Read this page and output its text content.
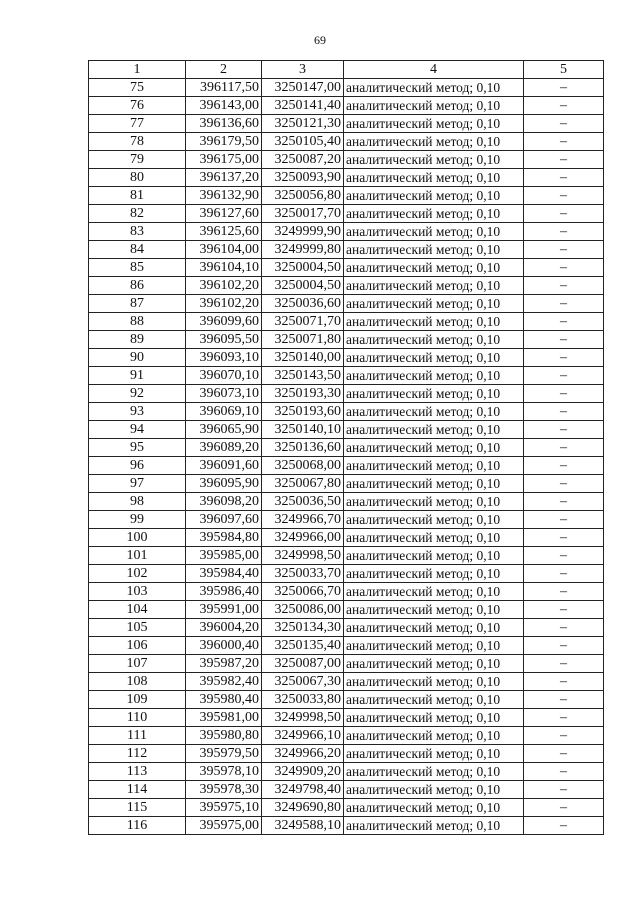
69
1	2	3	4	5
75	396117,50	3250147,00	аналитический метод; 0,10	–
76	396143,00	3250141,40	аналитический метод; 0,10	–
77	396136,60	3250121,30	аналитический метод; 0,10	–
78	396179,50	3250105,40	аналитический метод; 0,10	–
79	396175,00	3250087,20	аналитический метод; 0,10	–
80	396137,20	3250093,90	аналитический метод; 0,10	–
81	396132,90	3250056,80	аналитический метод; 0,10	–
82	396127,60	3250017,70	аналитический метод; 0,10	–
83	396125,60	3249999,90	аналитический метод; 0,10	–
84	396104,00	3249999,80	аналитический метод; 0,10	–
85	396104,10	3250004,50	аналитический метод; 0,10	–
86	396102,20	3250004,50	аналитический метод; 0,10	–
87	396102,20	3250036,60	аналитический метод; 0,10	–
88	396099,60	3250071,70	аналитический метод; 0,10	–
89	396095,50	3250071,80	аналитический метод; 0,10	–
90	396093,10	3250140,00	аналитический метод; 0,10	–
91	396070,10	3250143,50	аналитический метод; 0,10	–
92	396073,10	3250193,30	аналитический метод; 0,10	–
93	396069,10	3250193,60	аналитический метод; 0,10	–
94	396065,90	3250140,10	аналитический метод; 0,10	–
95	396089,20	3250136,60	аналитический метод; 0,10	–
96	396091,60	3250068,00	аналитический метод; 0,10	–
97	396095,90	3250067,80	аналитический метод; 0,10	–
98	396098,20	3250036,50	аналитический метод; 0,10	–
99	396097,60	3249966,70	аналитический метод; 0,10	–
100	395984,80	3249966,00	аналитический метод; 0,10	–
101	395985,00	3249998,50	аналитический метод; 0,10	–
102	395984,40	3250033,70	аналитический метод; 0,10	–
103	395986,40	3250066,70	аналитический метод; 0,10	–
104	395991,00	3250086,00	аналитический метод; 0,10	–
105	396004,20	3250134,30	аналитический метод; 0,10	–
106	396000,40	3250135,40	аналитический метод; 0,10	–
107	395987,20	3250087,00	аналитический метод; 0,10	–
108	395982,40	3250067,30	аналитический метод; 0,10	–
109	395980,40	3250033,80	аналитический метод; 0,10	–
110	395981,00	3249998,50	аналитический метод; 0,10	–
111	395980,80	3249966,10	аналитический метод; 0,10	–
112	395979,50	3249966,20	аналитический метод; 0,10	–
113	395978,10	3249909,20	аналитический метод; 0,10	–
114	395978,30	3249798,40	аналитический метод; 0,10	–
115	395975,10	3249690,80	аналитический метод; 0,10	–
116	395975,00	3249588,10	аналитический метод; 0,10	–
